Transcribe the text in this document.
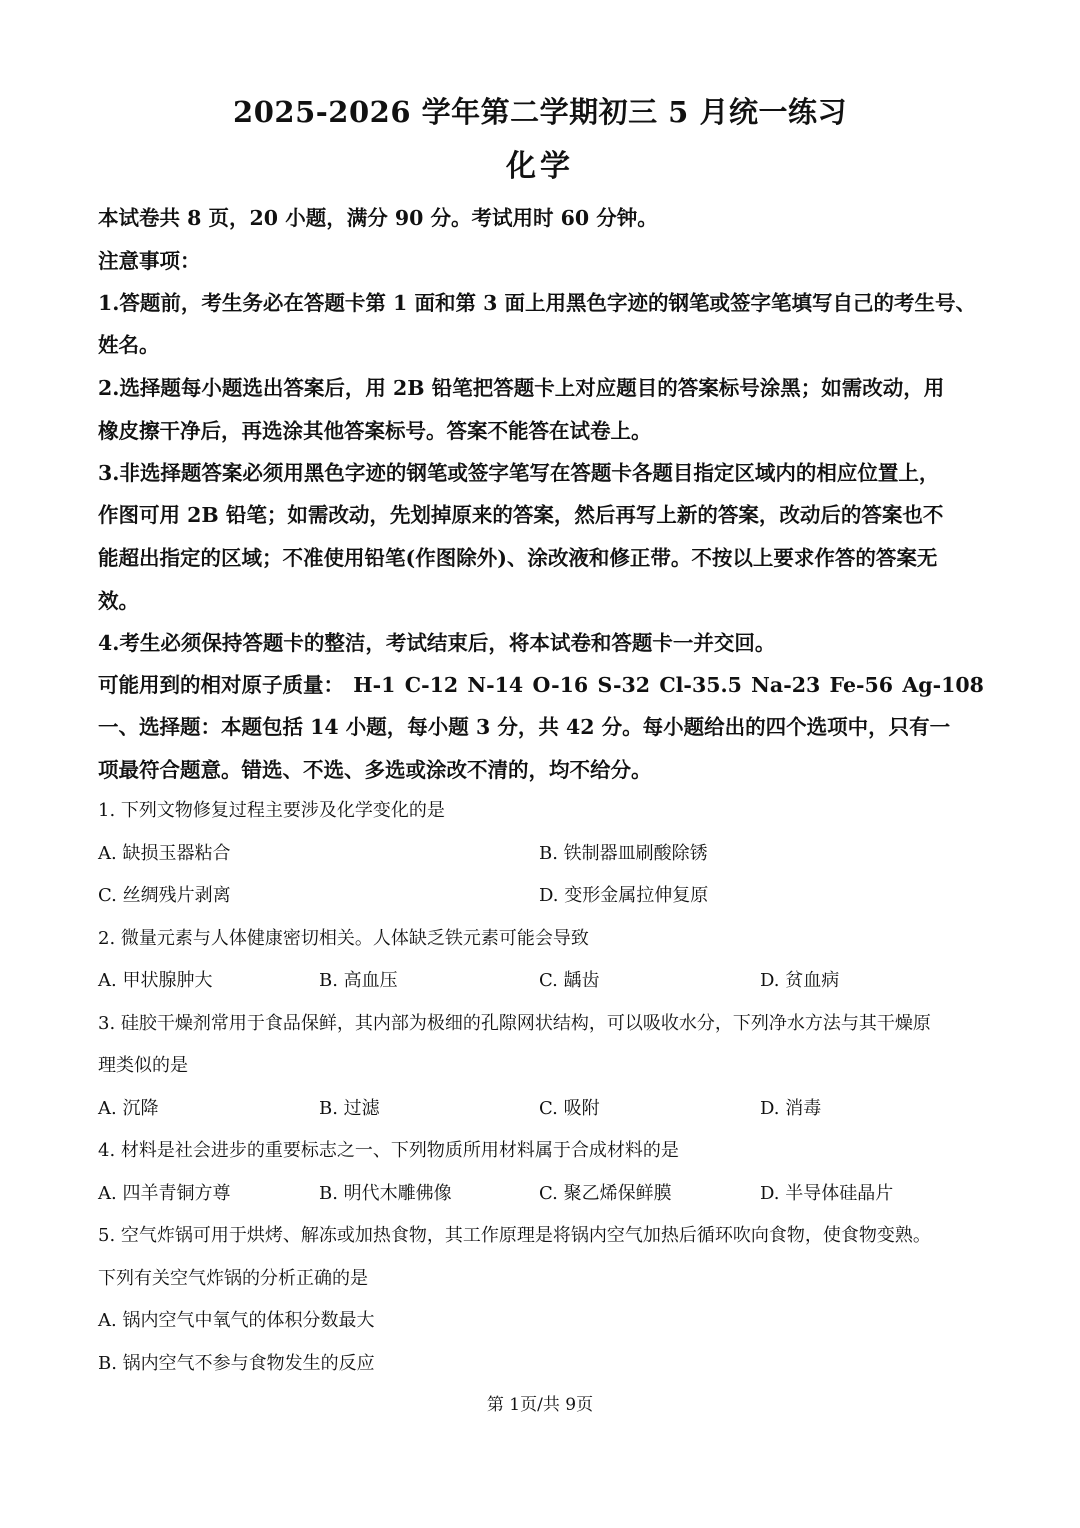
2025-2026 学年第二学期初三 5 月统一练习
化学
本试卷共 8 页，20 小题，满分 90 分。考试用时 60 分钟。
注意事项：
1.答题前，考生务必在答题卡第 1 面和第 3 面上用黑色字迹的钢笔或签字笔填写自己的考生号、
姓名。
2.选择题每小题选出答案后，用 2B 铅笔把答题卡上对应题目的答案标号涂黑；如需改动，用
橡皮擦干净后，再选涂其他答案标号。答案不能答在试卷上。
3.非选择题答案必须用黑色字迹的钢笔或签字笔写在答题卡各题目指定区域内的相应位置上，
作图可用 2B 铅笔；如需改动，先划掉原来的答案，然后再写上新的答案，改动后的答案也不
能超出指定的区域；不准使用铅笔(作图除外)、涂改液和修正带。不按以上要求作答的答案无
效。
4.考生必须保持答题卡的整洁，考试结束后，将本试卷和答题卡一并交回。
可能用到的相对原子质量： H-1 C-12 N-14 O-16 S-32 Cl-35.5 Na-23 Fe-56 Ag-108
一、选择题：本题包括 14 小题，每小题 3 分，共 42 分。每小题给出的四个选项中，只有一
项最符合题意。错选、不选、多选或涂改不清的，均不给分。
1. 下列文物修复过程主要涉及化学变化的是
A. 缺损玉器粘合	B. 铁制器皿刷酸除锈
C. 丝绸残片剥离	D. 变形金属拉伸复原
2. 微量元素与人体健康密切相关。人体缺乏铁元素可能会导致
A. 甲状腺肿大	B. 高血压	C. 龋齿	D. 贫血病
3. 硅胶干燥剂常用于食品保鲜，其内部为极细的孔隙网状结构，可以吸收水分，下列净水方法与其干燥原
理类似的是
A. 沉降	B. 过滤	C. 吸附	D. 消毒
4. 材料是社会进步的重要标志之一、下列物质所用材料属于合成材料的是
A. 四羊青铜方尊	B. 明代木雕佛像	C. 聚乙烯保鲜膜	D. 半导体硅晶片
5. 空气炸锅可用于烘烤、解冻或加热食物，其工作原理是将锅内空气加热后循环吹向食物，使食物变熟。
下列有关空气炸锅的分析正确的是
A. 锅内空气中氧气的体积分数最大
B. 锅内空气不参与食物发生的反应
第 1页/共 9页
